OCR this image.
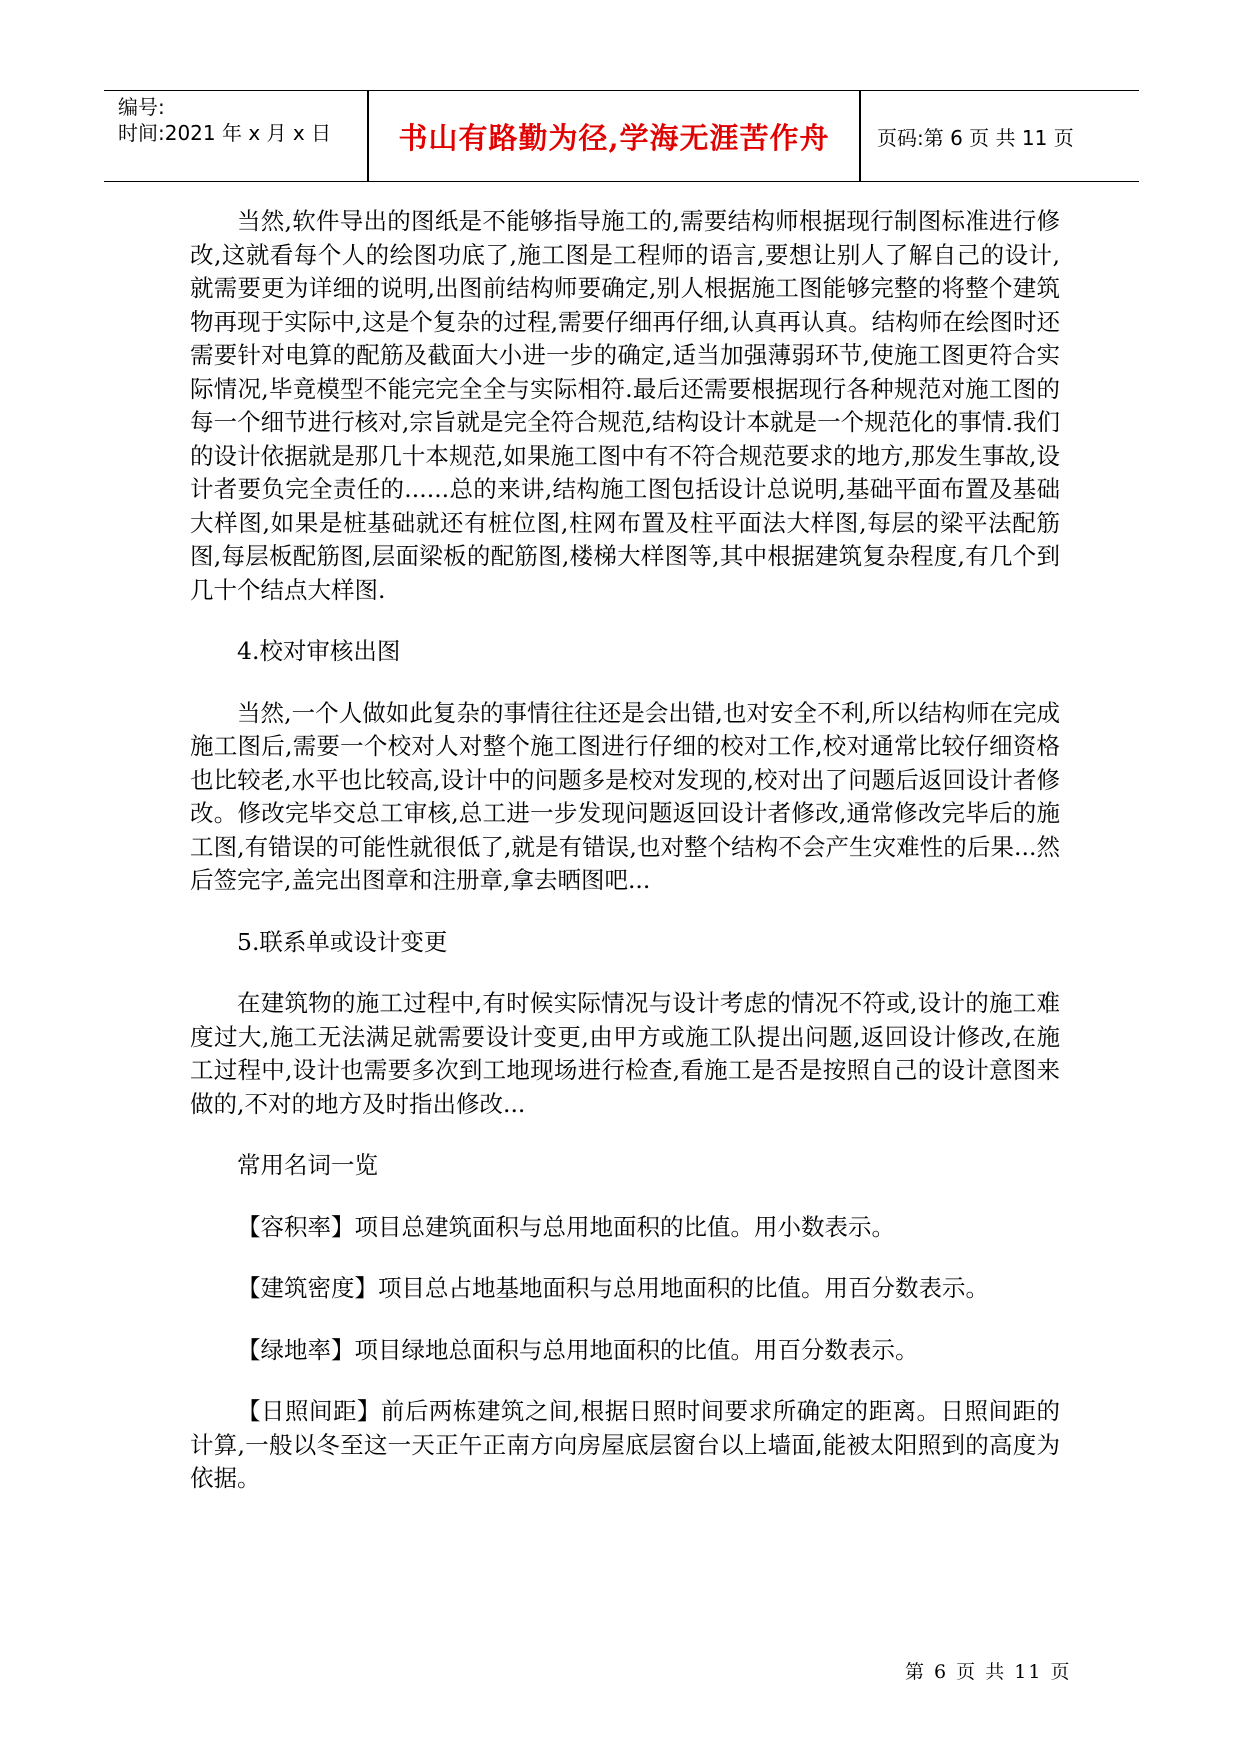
编号:
时间:2021 年 x 月 x 日	书山有路勤为径,学海无涯苦作舟	页码:第 6 页 共 11 页

当然,软件导出的图纸是不能够指导施工的,需要结构师根据现行制图标准进行修改,这就看每个人的绘图功底了,施工图是工程师的语言,要想让别人了解自己的设计,就需要更为详细的说明,出图前结构师要确定,别人根据施工图能够完整的将整个建筑物再现于实际中,这是个复杂的过程,需要仔细再仔细,认真再认真。结构师在绘图时还需要针对电算的配筋及截面大小进一步的确定,适当加强薄弱环节,使施工图更符合实际情况,毕竟模型不能完完全全与实际相符.最后还需要根据现行各种规范对施工图的每一个细节进行核对,宗旨就是完全符合规范,结构设计本就是一个规范化的事情.我们的设计依据就是那几十本规范,如果施工图中有不符合规范要求的地方,那发生事故,设计者要负完全责任的......总的来讲,结构施工图包括设计总说明,基础平面布置及基础大样图,如果是桩基础就还有桩位图,柱网布置及柱平面法大样图,每层的梁平法配筋图,每层板配筋图,层面梁板的配筋图,楼梯大样图等,其中根据建筑复杂程度,有几个到几十个结点大样图.

4.校对审核出图

当然,一个人做如此复杂的事情往往还是会出错,也对安全不利,所以结构师在完成施工图后,需要一个校对人对整个施工图进行仔细的校对工作,校对通常比较仔细资格也比较老,水平也比较高,设计中的问题多是校对发现的,校对出了问题后返回设计者修改。修改完毕交总工审核,总工进一步发现问题返回设计者修改,通常修改完毕后的施工图,有错误的可能性就很低了,就是有错误,也对整个结构不会产生灾难性的后果...然后签完字,盖完出图章和注册章,拿去晒图吧...

5.联系单或设计变更

在建筑物的施工过程中,有时候实际情况与设计考虑的情况不符或,设计的施工难度过大,施工无法满足就需要设计变更,由甲方或施工队提出问题,返回设计修改,在施工过程中,设计也需要多次到工地现场进行检查,看施工是否是按照自己的设计意图来做的,不对的地方及时指出修改...

常用名词一览

【容积率】项目总建筑面积与总用地面积的比值。用小数表示。

【建筑密度】项目总占地基地面积与总用地面积的比值。用百分数表示。

【绿地率】项目绿地总面积与总用地面积的比值。用百分数表示。

【日照间距】前后两栋建筑之间,根据日照时间要求所确定的距离。日照间距的计算,一般以冬至这一天正午正南方向房屋底层窗台以上墙面,能被太阳照到的高度为依据。

第 6 页 共 11 页
